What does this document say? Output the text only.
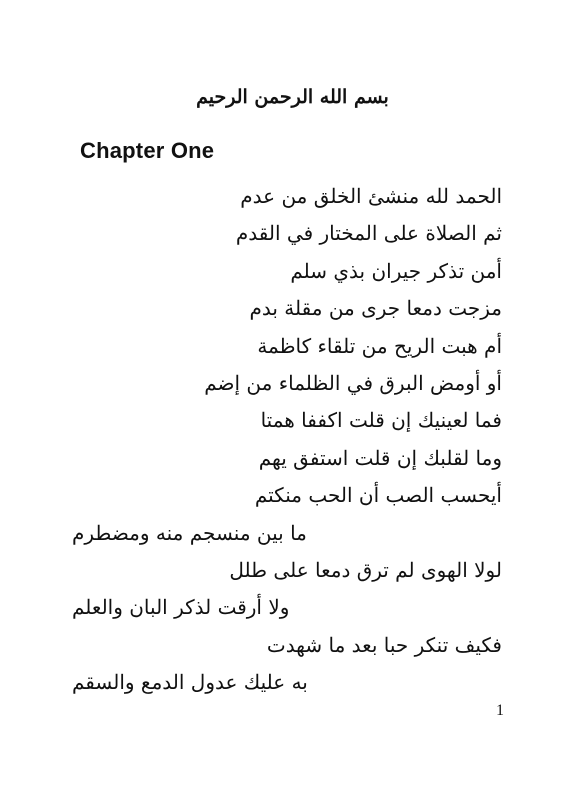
بسم الله الرحمن الرحيم
Chapter One
الحمد لله منشئ الخلق من عدم
ثم الصلاة على المختار في القدم
أمن تذكر جيران بذي سلم
مزجت دمعا جرى من مقلة بدم
أم هبت الريح من تلقاء كاظمة
أو أومض البرق في الظلماء من إضم
فما لعينيك إن قلت اكففا همتا
وما لقلبك إن قلت استفق يهم
أيحسب الصب أن الحب منكتم
ما بين منسجم منه ومضطرم
لولا الهوى لم ترق دمعا على طلل
ولا أرقت لذكر البان والعلم
فكيف تنكر حبا بعد ما شهدت
به عليك عدول الدمع والسقم
1
